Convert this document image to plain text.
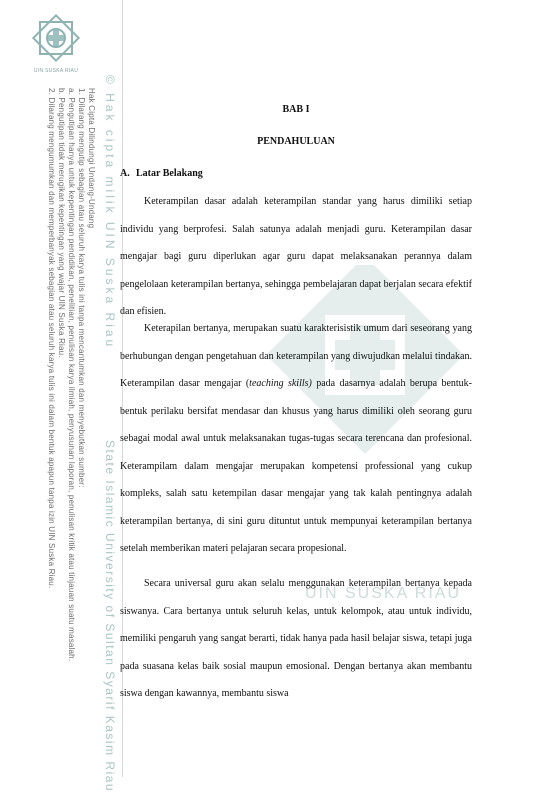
UIN SUSKA RIAU
© Hak cipta milik UIN Suska Riau
Hak Cipta Dilindungi Undang-Undang
1. Dilarang mengutip sebagian atau seluruh karya tulis ini tanpa mencantumkan dan menyebutkan sumber:
a. Pengutipan hanya untuk kepentingan pendidikan, penelitian, penulisan karya ilmiah, penyusunan laporan, penulisan kritik atau tinjauan suatu masalah.
b. Pengutipan tidak merugikan kepentingan yang wajar UIN Suska Riau.
2. Dilarang mengumumkan dan memperbanyak sebagian atau seluruh karya tulis ini dalam bentuk apapun tanpa izin UIN Suska Riau.
State Islamic University of Sultan Syarif Kasim Riau	UIN SUSKA RIAU
BAB I
PENDAHULUAN
A. Latar Belakang

Keterampilan dasar adalah keterampilan standar yang harus dimiliki setiap individu yang berprofesi. Salah satunya adalah menjadi guru. Keterampilan dasar mengajar bagi guru diperlukan agar guru dapat melaksanakan perannya dalam pengelolaan keterampilan bertanya, sehingga pembelajaran dapat berjalan secara efektif dan efisien.

Keterapilan bertanya, merupakan suatu karakterisistik umum dari seseorang yang berhubungan dengan pengetahuan dan keterampilan yang diwujudkan melalui tindakan. Keterampilan dasar mengajar (teaching skills) pada dasarnya adalah berupa bentuk-bentuk perilaku bersifat mendasar dan khusus yang harus dimiliki oleh seorang guru sebagai modal awal untuk melaksanakan tugas-tugas secara terencana dan profesional. Keterampilam dalam mengajar merupakan kompetensi professional yang cukup kompleks, salah satu ketempilan dasar mengajar yang tak kalah pentingnya adalah keterampilan bertanya, di sini guru dituntut untuk mempunyai keterampilan bertanya setelah memberikan materi pelajaran secara propesional.

Secara universal guru akan selalu menggunakan keterampilan bertanya kepada siswanya. Cara bertanya untuk seluruh kelas, untuk kelompok, atau untuk individu, memiliki pengaruh yang sangat berarti, tidak hanya pada hasil belajar siswa, tetapi juga pada suasana kelas baik sosial maupun emosional. Dengan bertanya akan membantu siswa dengan kawannya, membantu siswa
